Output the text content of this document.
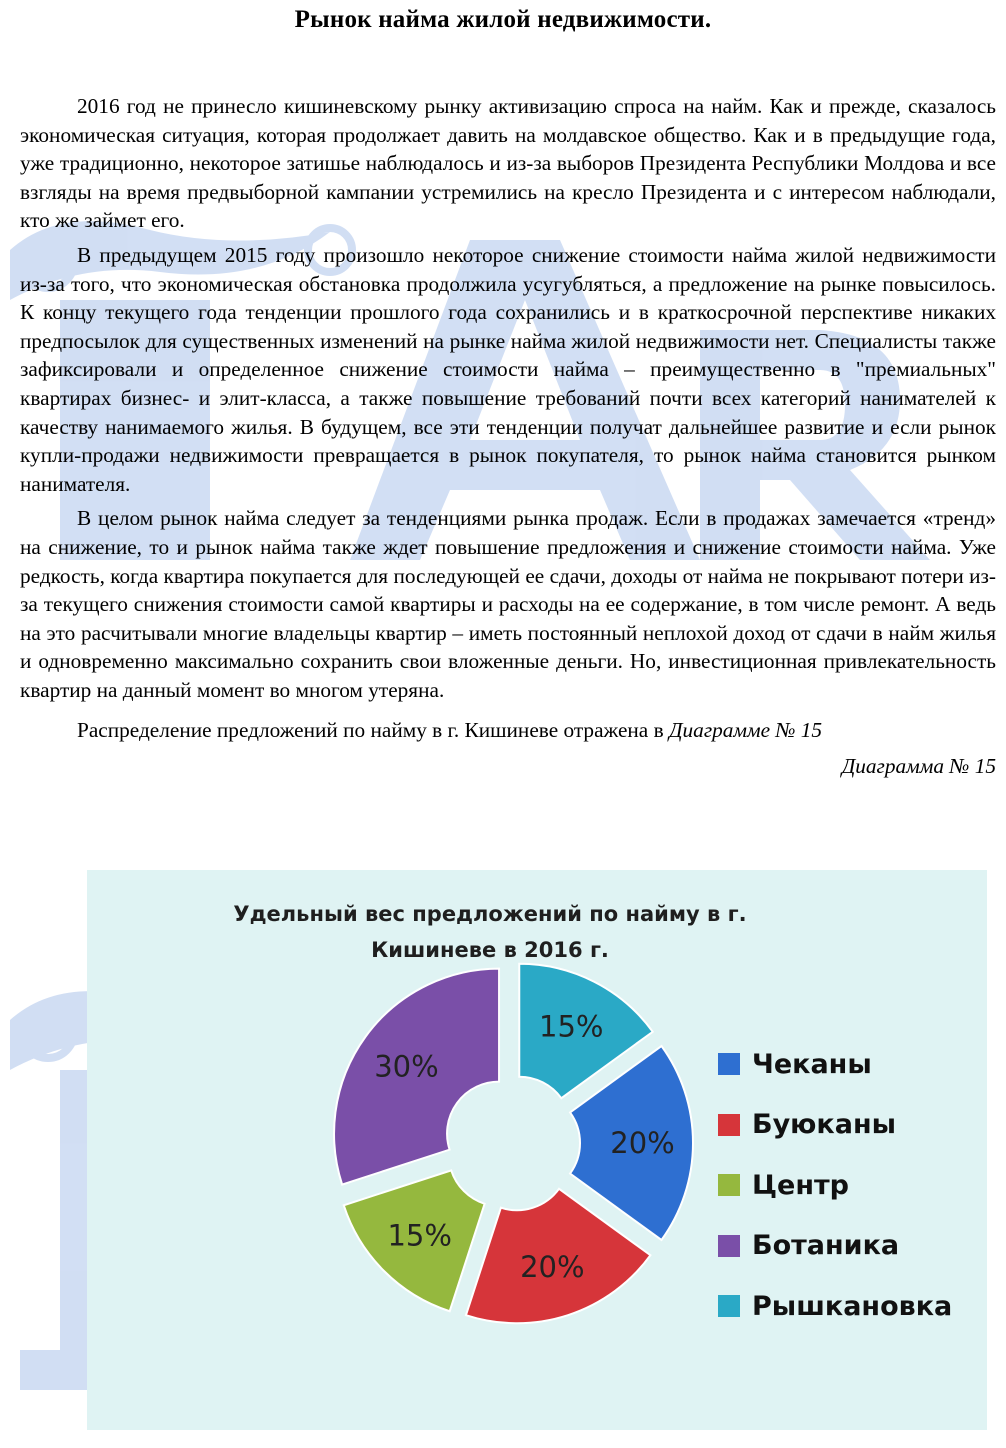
Рынок найма жилой недвижимости.

2016 год не принесло кишиневскому рынку активизацию спроса на найм. Как и прежде, сказалось экономическая ситуация, которая продолжает давить на молдавское общество. Как и в предыдущие года, уже традиционно, некоторое затишье наблюдалось и из-за выборов Президента Республики Молдова и все взгляды на время предвыборной кампании устремились на кресло Президента и с интересом наблюдали, кто же займет его.

В предыдущем 2015 году произошло некоторое снижение стоимости найма жилой недвижимости из-за того, что экономическая обстановка продолжила усугубляться, а предложение на рынке повысилось. К концу текущего года тенденции прошлого года сохранились и в краткосрочной перспективе никаких предпосылок для существенных изменений на рынке найма жилой недвижимости нет. Специалисты также зафиксировали и определенное снижение стоимости найма – преимущественно в "премиальных" квартирах бизнес- и элит-класса, а также повышение требований почти всех категорий нанимателей к качеству нанимаемого жилья. В будущем, все эти тенденции получат дальнейшее развитие и если рынок купли-продажи недвижимости превращается в рынок покупателя, то рынок найма становится рынком нанимателя.

В целом рынок найма следует за тенденциями рынка продаж. Если в продажах замечается «тренд» на снижение, то и рынок найма также ждет повышение предложения и снижение стоимости найма. Уже редкость, когда квартира покупается для последующей ее сдачи, доходы от найма не покрывают потери из-за текущего снижения стоимости самой квартиры и расходы на ее содержание, в том числе ремонт. А ведь на это расчитывали многие владельцы квартир – иметь постоянный неплохой доход от сдачи в найм жилья и одновременно максимально сохранить свои вложенные деньги. Но, инвестиционная привлекательность квартир на данный момент во многом утеряна.

Распределение предложений по найму в г. Кишиневе отражена в Диаграмме № 15

Диаграмма № 15

Удельный вес предложений по найму в г. Кишиневе в 2016 г.
15%
20%
20%
15%
30%	Чеканы
Буюканы
Центр
Ботаника
Рышкановка
